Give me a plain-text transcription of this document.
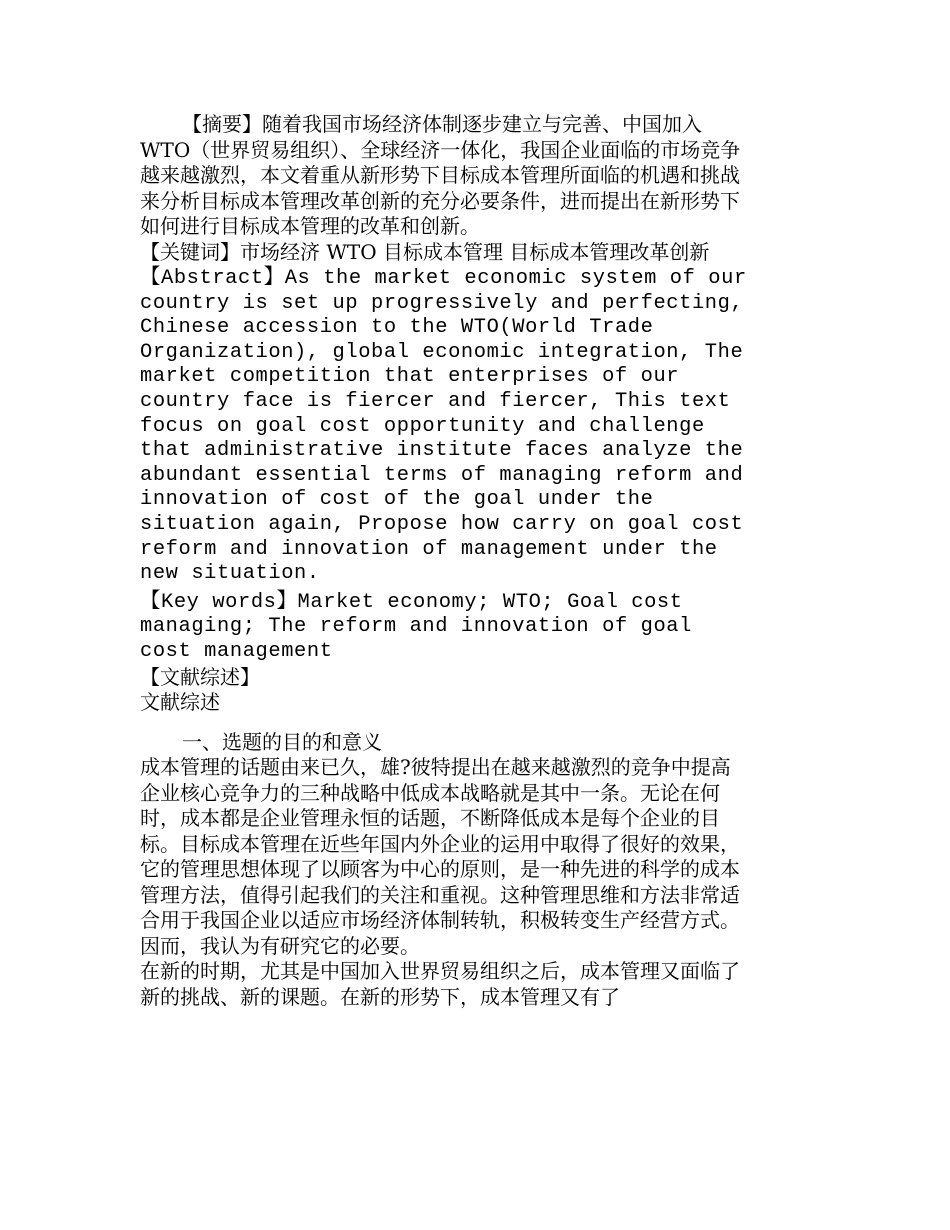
【摘要】随着我国市场经济体制逐步建立与完善、中国加入WTO（世界贸易组织）、全球经济一体化，我国企业面临的市场竞争越来越激烈，本文着重从新形势下目标成本管理所面临的机遇和挑战来分析目标成本管理改革创新的充分必要条件，进而提出在新形势下如何进行目标成本管理的改革和创新。

【关键词】市场经济 WTO 目标成本管理 目标成本管理改革创新

【Abstract】As the market economic system of our country is set up progressively and perfecting, Chinese accession to the WTO(World Trade Organization), global economic integration, The market competition that enterprises of our country face is fiercer and fiercer, This text focus on goal cost opportunity and challenge that administrative institute faces analyze the abundant essential terms of managing reform and innovation of cost of the goal under the situation again, Propose how carry on goal cost reform and innovation of management under the new situation.

【Key words】Market economy; WTO; Goal cost managing; The reform and innovation of goal cost management

【文献综述】

文献综述

一、选题的目的和意义

成本管理的话题由来已久，雄?彼特提出在越来越激烈的竞争中提高企业核心竞争力的三种战略中低成本战略就是其中一条。无论在何时，成本都是企业管理永恒的话题，不断降低成本是每个企业的目标。目标成本管理在近些年国内外企业的运用中取得了很好的效果，它的管理思想体现了以顾客为中心的原则，是一种先进的科学的成本管理方法，值得引起我们的关注和重视。这种管理思维和方法非常适合用于我国企业以适应市场经济体制转轨，积极转变生产经营方式。因而，我认为有研究它的必要。

在新的时期，尤其是中国加入世界贸易组织之后，成本管理又面临了新的挑战、新的课题。在新的形势下，成本管理又有了
